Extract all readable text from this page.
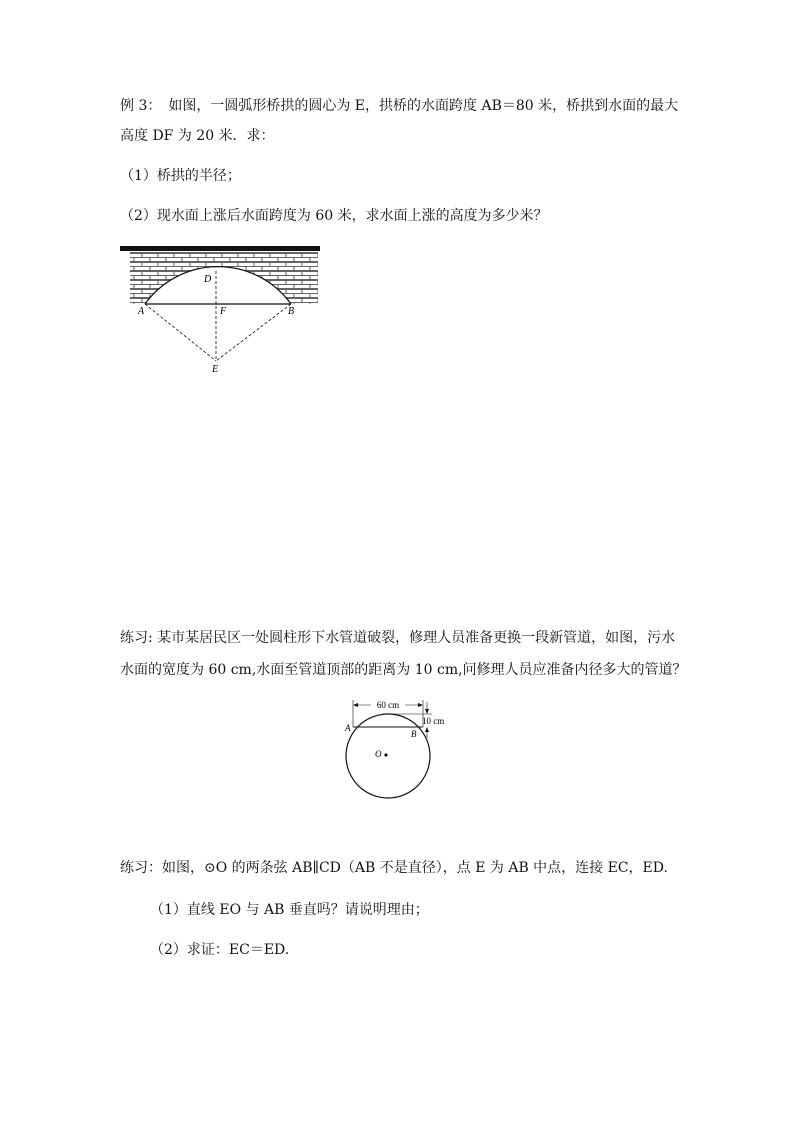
例 3：　如图，一圆弧形桥拱的圆心为 E，拱桥的水面跨度 AB＝80 米，桥拱到水面的最大
高度 DF 为 20 米．求：
（1）桥拱的半径；
（2）现水面上涨后水面跨度为 60 米，求水面上涨的高度为多少米？
D
A	F	B
E
练习: 某市某居民区一处圆柱形下水管道破裂，修理人员准备更换一段新管道，如图，污水
水面的宽度为 60 cm,水面至管道顶部的距离为 10 cm,问修理人员应准备内径多大的管道？
60 cm
10 cm
A
B
O
练习：如图，⊙O 的两条弦 AB∥CD（AB 不是直径），点 E 为 AB 中点，连接 EC，ED.
（1）直线 EO 与 AB 垂直吗？请说明理由；
（2）求证：EC＝ED.
